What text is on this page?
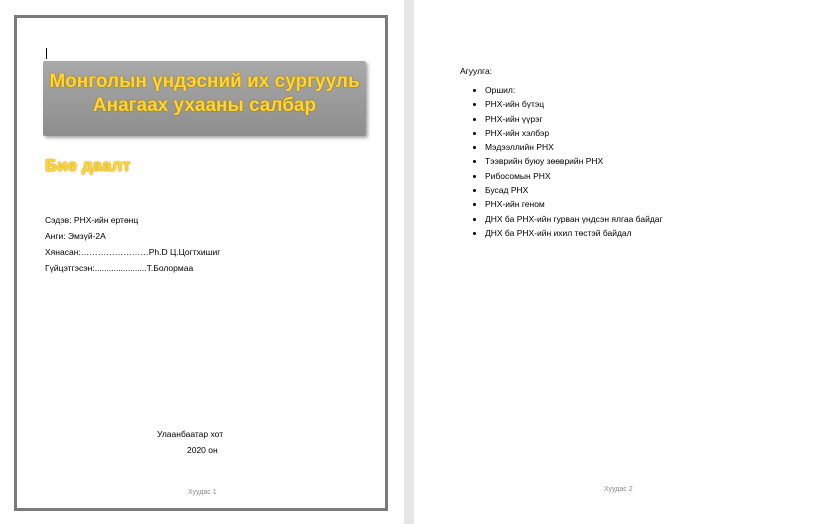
Монголын үндэсний их сургууль
Анагаах ухааны салбар
Бие даалт
Сэдэв: РНХ-ийн ертөнц
Анги: Эмзүй-2А
Хянасан:……………………Ph.D Ц.Цогтхишиг
Гүйцэтгэсэн:......................Т.Болормаа
Улаанбаатар хот
2020 он
Хуудас 1
Агуулга:
• Оршил:
• РНХ-ийн бүтэц
• РНХ-ийн үүрэг
• РНХ-ийн хэлбэр
• Мэдээллийн РНХ
• Тээврийн буюу зөөврийн РНХ
• Рибосомын РНХ
• Бусад РНХ
• РНХ-ийн геном
• ДНХ ба РНХ-ийн гурван үндсэн ялгаа байдаг
• ДНХ ба РНХ-ийн ихил төстэй байдал
Хуудас 2
